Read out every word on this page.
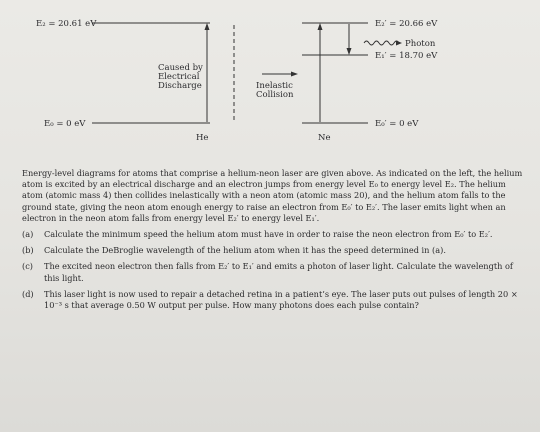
E₂ = 20.61 eV
E₀ = 0 eV
Caused by
Electrical
Discharge
He
Inelastic
Collision
E₂′ = 20.66 eV
Photon
E₁′ = 18.70 eV
E₀′ = 0 eV
Ne

Energy-level diagrams for atoms that comprise a helium-neon laser are given above. As indicated on the left, the helium atom is excited by an electrical discharge and an electron jumps from energy level E₀ to energy level E₂. The helium atom (atomic mass 4) then collides inelastically with a neon atom (atomic mass 20), and the helium atom falls to the ground state, giving the neon atom enough energy to raise an electron from E₀′ to E₂′. The laser emits light when an electron in the neon atom falls from energy level E₂′ to energy level E₁′.

(a)	Calculate the minimum speed the helium atom must have in order to raise the neon electron from E₀′ to E₂′.
(b)	Calculate the DeBroglie wavelength of the helium atom when it has the speed determined in (a).
(c)	The excited neon electron then falls from E₂′ to E₁′ and emits a photon of laser light. Calculate the wavelength of this light.
(d)	This laser light is now used to repair a detached retina in a patient’s eye. The laser puts out pulses of length 20 × 10⁻³ s that average 0.50 W output per pulse. How many photons does each pulse contain?
